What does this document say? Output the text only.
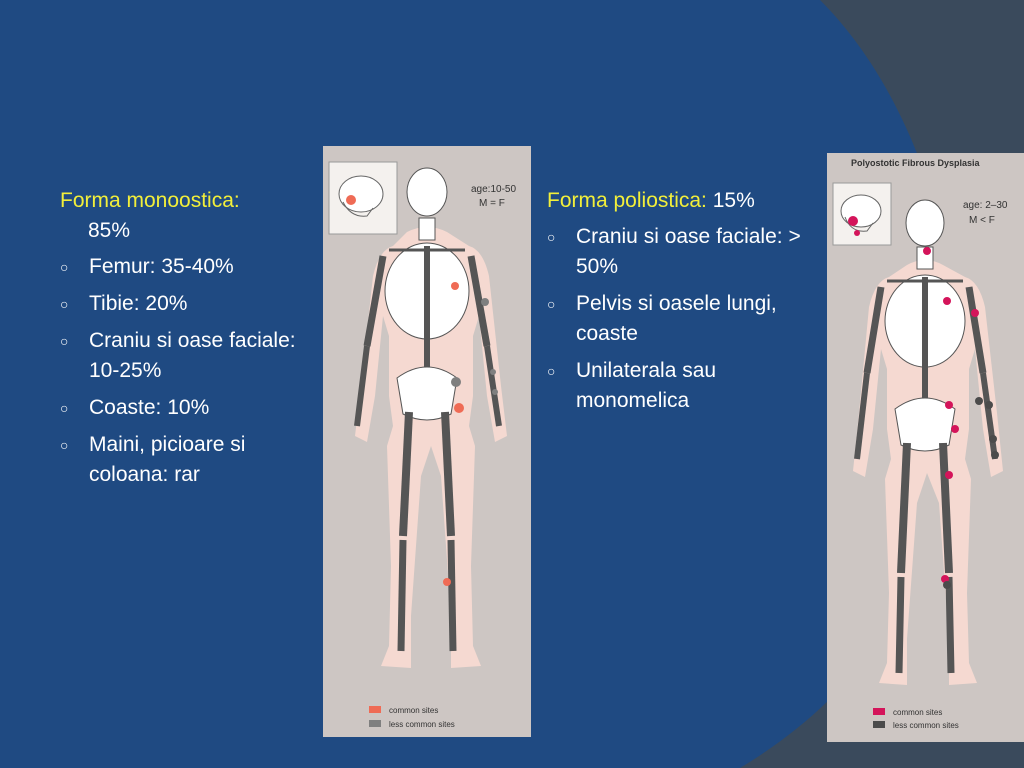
Forma monoostica:
85%
○ Femur: 35-40%
○ Tibie: 20%
○ Craniu si oase faciale: 10-25%
○ Coaste: 10%
○ Maini, picioare si coloana: rar
Forma poliostica: 15%
○ Craniu si oase faciale: > 50%
○ Pelvis si oasele lungi, coaste
○ Unilaterala sau monomelica
age:10-50
M = F
common sites
less common sites
Polyostotic Fibrous Dysplasia
age: 2–30
M < F
common sites
less common sites
